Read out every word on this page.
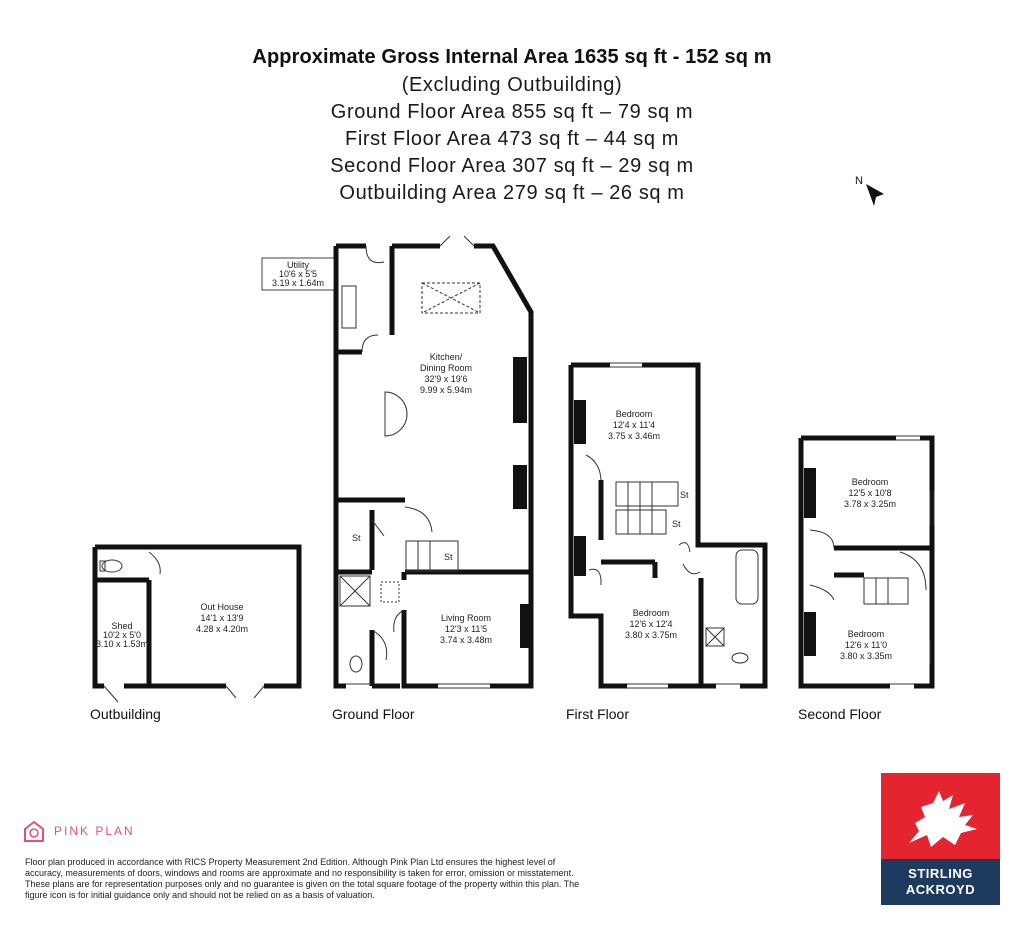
Approximate Gross Internal Area 1635 sq ft - 152 sq m
(Excluding Outbuilding)
Ground Floor Area 855 sq ft – 79 sq m
First Floor Area 473 sq ft – 44 sq m
Second Floor Area 307 sq ft – 29 sq m
Outbuilding Area 279 sq ft – 26 sq m
N
Shed
10'2 x 5'0
3.10 x 1.53m
Out House
14'1 x 13'9
4.28 x 4.20m
Outbuilding
Utility
10'6 x 5'5
3.19 x 1.64m
Kitchen/
Dining Room
32'9 x 19'6
9.99 x 5.94m
Living Room
12'3 x 11'5
3.74 x 3.48m
St
St
Ground Floor
Bedroom
12'4 x 11'4
3.75 x 3.46m
Bedroom
12'6 x 12'4
3.80 x 3.75m
St
St
First Floor
Bedroom
12'5 x 10'8
3.78 x 3.25m
Bedroom
12'6 x 11'0
3.80 x 3.35m
Second Floor
PINK PLAN
Floor plan produced in accordance with RICS Property Measurement 2nd Edition. Although Pink Plan Ltd ensures the highest level of accuracy, measurements of doors, windows and rooms are approximate and no responsibility is taken for error, omission or misstatement. These plans are for representation purposes only and no guarantee is given on the total square footage of the property within this plan. The figure icon is for initial guidance only and should not be relied on as a basis of valuation.
STIRLING
ACKROYD
